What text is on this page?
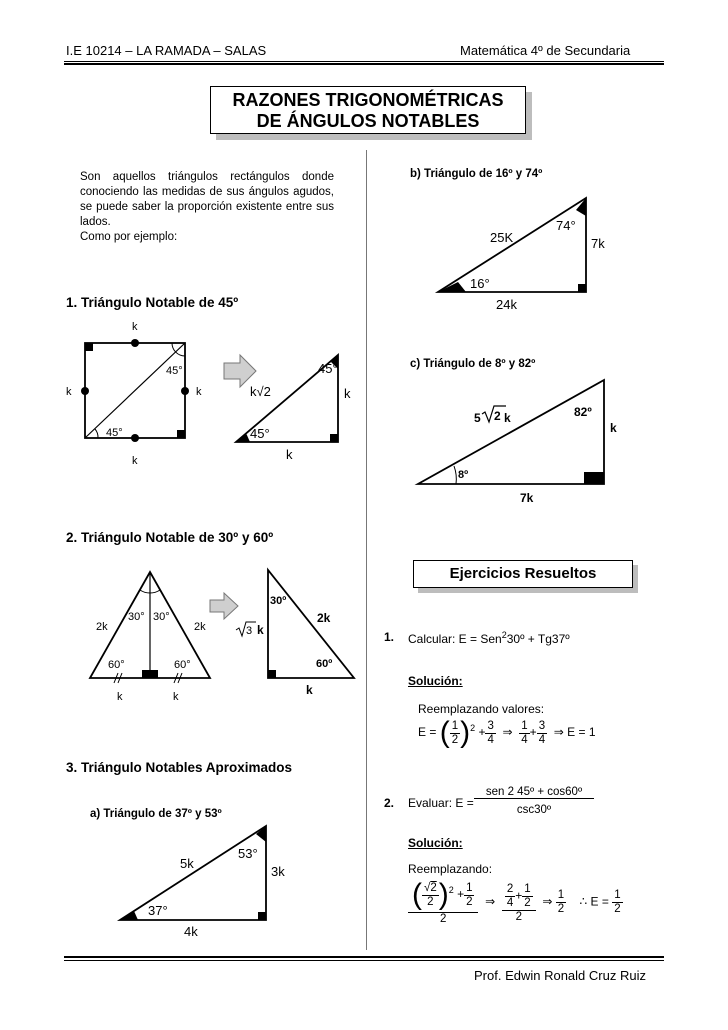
I.E 10214 – LA RAMADA – SALAS	Matemática 4º de Secundaria
RAZONES TRIGONOMÉTRICAS
DE ÁNGULOS NOTABLES
Son aquellos triángulos rectángulos donde conociendo las medidas de sus ángulos agudos, se puede saber la proporción existente entre sus lados.
Como por ejemplo:
1. Triángulo Notable de 45º
k
k
k	k
45°
45°
k√2
45°
45°
k
k
2. Triángulo Notable de 30º y 60º
2k	2k
30° 30°
60°	60°
k	k
30º
60º
2k
k
3 k
3. Triángulo Notables Aproximados
a) Triángulo de 37º y 53º
5k
53°
37°
3k
4k
b) Triángulo de 16º y 74º
25K
74°
16°
7k
24k
c) Triángulo de 8º y 82º
5 2 k	82º
8º
k
7k
Ejercicios Resueltos
1. Calcular: E = Sen$^2$30º + Tg37º
Solución:
Reemplazando valores:
E = ( $\frac{1}{2} )^2 + \frac{3}{4}$ ⇒ $\frac{1}{4} + \frac{3}{4}$ ⇒ E = 1
2. Evaluar: E =
sen 2 45º + cos60º
csc30º
Solución:
Reemplazando:
$\frac{( \frac{√2}{2} )^2 + \frac{1}{2}}{2}$ ⇒ $\frac{\frac{2}{4} + \frac{1}{2}}{2}$ ⇒ $\frac{1}{2}$ ∴ $E = \frac{1}{2}$
Prof. Edwin Ronald Cruz Ruiz
